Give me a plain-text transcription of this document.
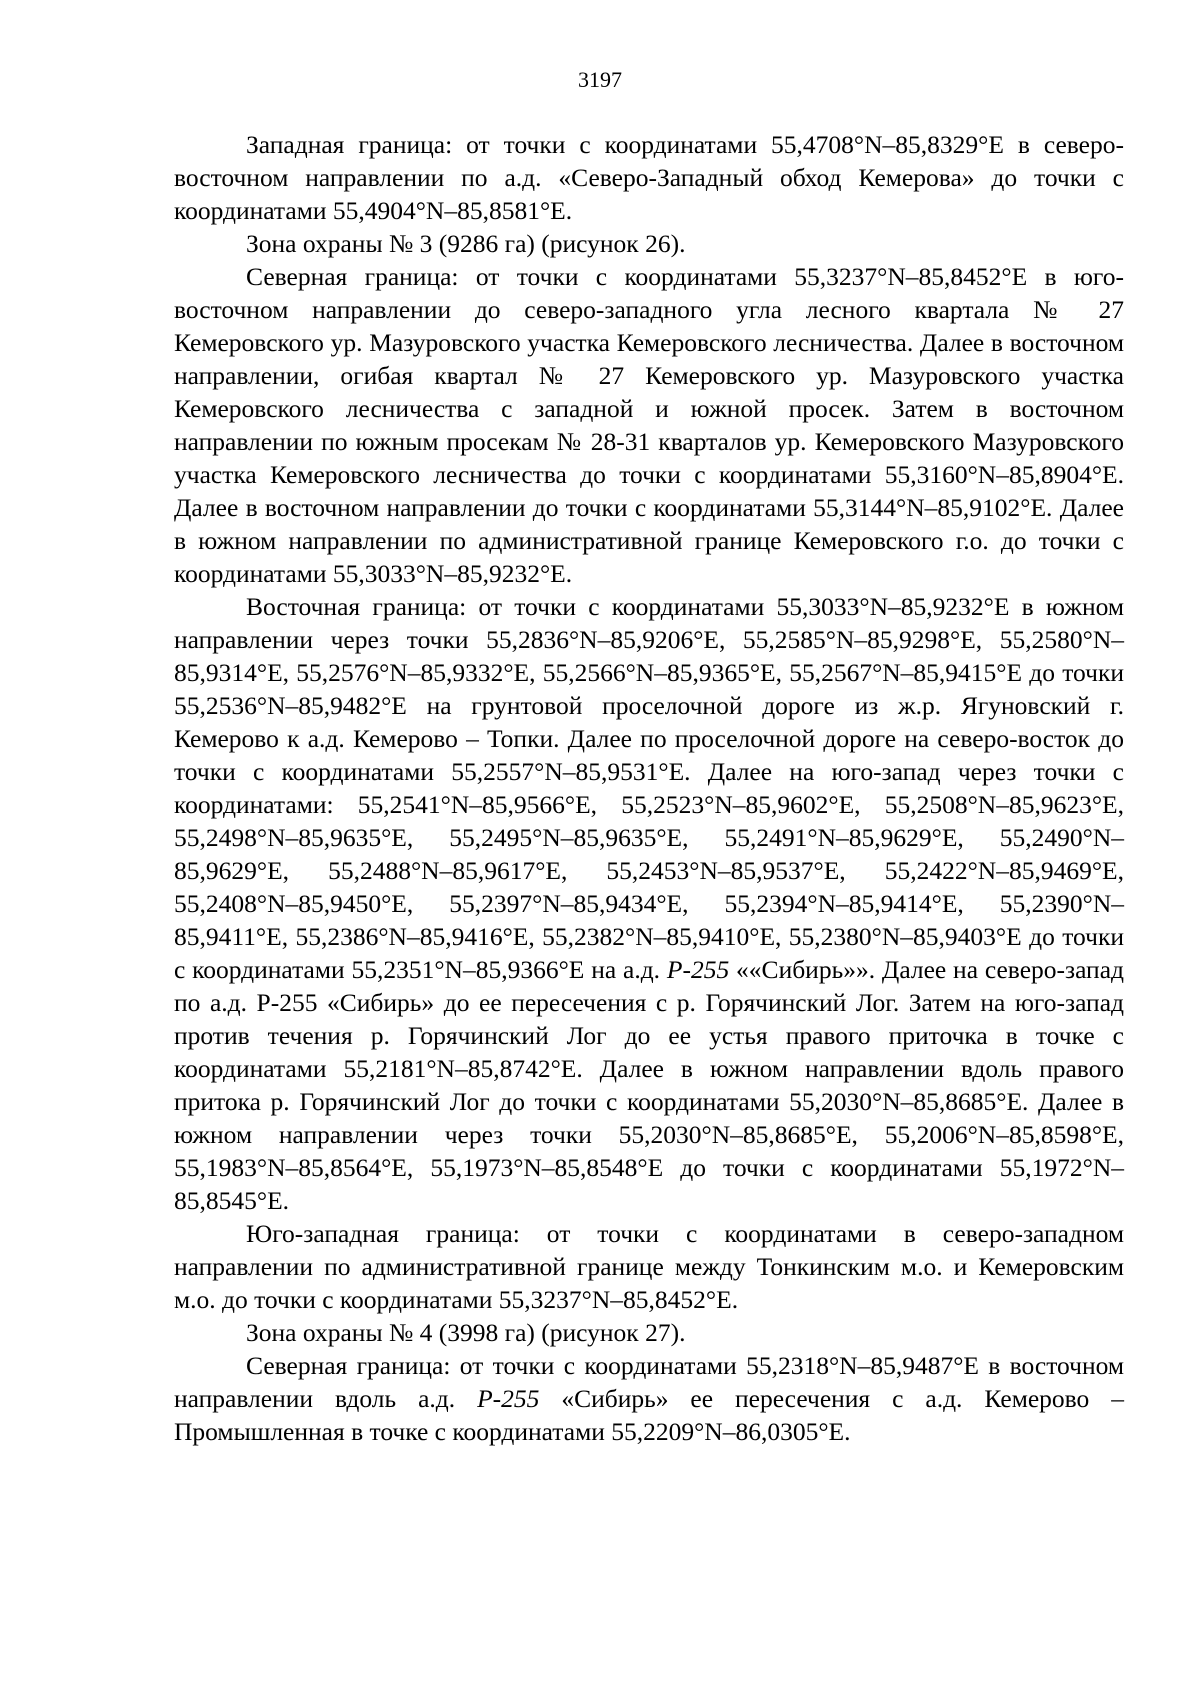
3197

Западная граница: от точки с координатами 55,4708°N–85,8329°E в северо-восточном направлении по а.д. «Северо-Западный обход Кемерова» до точки с координатами 55,4904°N–85,8581°E.

Зона охраны № 3 (9286 га) (рисунок 26).

Северная граница: от точки с координатами 55,3237°N–85,8452°E в юго-восточном направлении до северо-западного угла лесного квартала № 27 Кемеровского ур. Мазуровского участка Кемеровского лесничества. Далее в восточном направлении, огибая квартал № 27 Кемеровского ур. Мазуровского участка Кемеровского лесничества с западной и южной просек. Затем в восточном направлении по южным просекам № 28-31 кварталов ур. Кемеровского Мазуровского участка Кемеровского лесничества до точки с координатами 55,3160°N–85,8904°E. Далее в восточном направлении до точки с координатами 55,3144°N–85,9102°E. Далее в южном направлении по административной границе Кемеровского г.о. до точки с координатами 55,3033°N–85,9232°E.

Восточная граница: от точки с координатами 55,3033°N–85,9232°E в южном направлении через точки 55,2836°N–85,9206°E, 55,2585°N–85,9298°E, 55,2580°N–85,9314°E, 55,2576°N–85,9332°E, 55,2566°N–85,9365°E, 55,2567°N–85,9415°E до точки 55,2536°N–85,9482°E на грунтовой проселочной дороге из ж.р. Ягуновский г. Кемерово к а.д. Кемерово – Топки. Далее по проселочной дороге на северо-восток до точки с координатами 55,2557°N–85,9531°E. Далее на юго-запад через точки с координатами: 55,2541°N–85,9566°E, 55,2523°N–85,9602°E, 55,2508°N–85,9623°E, 55,2498°N–85,9635°E, 55,2495°N–85,9635°E, 55,2491°N–85,9629°E, 55,2490°N–85,9629°E, 55,2488°N–85,9617°E, 55,2453°N–85,9537°E, 55,2422°N–85,9469°E, 55,2408°N–85,9450°E, 55,2397°N–85,9434°E, 55,2394°N–85,9414°E, 55,2390°N–85,9411°E, 55,2386°N–85,9416°E, 55,2382°N–85,9410°E, 55,2380°N–85,9403°E до точки с координатами 55,2351°N–85,9366°E на а.д. Р-255 ««Сибирь»». Далее на северо-запад по а.д. Р-255 «Сибирь» до ее пересечения с р. Горячинский Лог. Затем на юго-запад против течения р. Горячинский Лог до ее устья правого приточка в точке с координатами 55,2181°N–85,8742°E. Далее в южном направлении вдоль правого притока р. Горячинский Лог до точки с координатами 55,2030°N–85,8685°E. Далее в южном направлении через точки 55,2030°N–85,8685°E, 55,2006°N–85,8598°E, 55,1983°N–85,8564°E, 55,1973°N–85,8548°E до точки с координатами 55,1972°N–85,8545°E.

Юго-западная граница: от точки с координатами в северо-западном направлении по административной границе между Тонкинским м.о. и Кемеровским м.о. до точки с координатами 55,3237°N–85,8452°E.

Зона охраны № 4 (3998 га) (рисунок 27).

Северная граница: от точки с координатами 55,2318°N–85,9487°E в восточном направлении вдоль а.д. Р-255 «Сибирь» ее пересечения с а.д. Кемерово – Промышленная в точке с координатами 55,2209°N–86,0305°E.
